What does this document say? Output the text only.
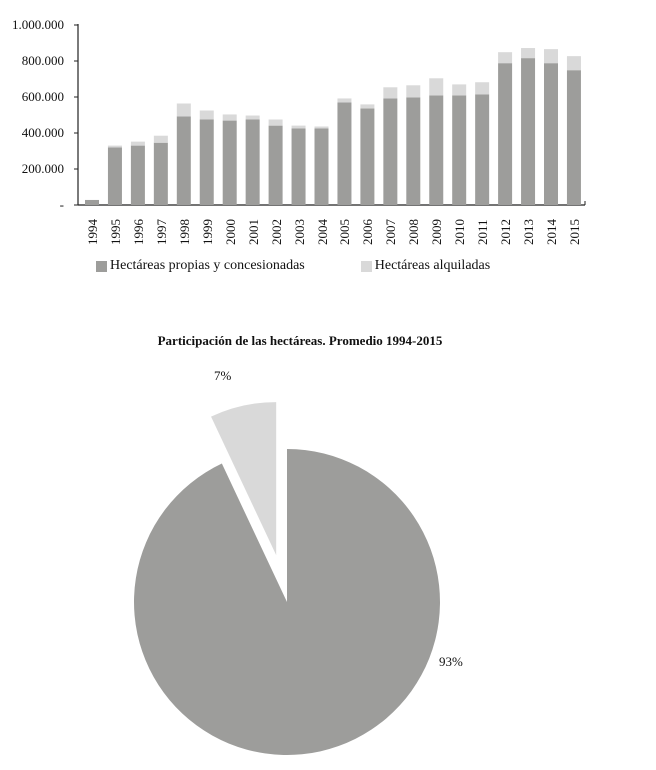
-
200.000
400.000
600.000
800.000
1.000.000
1994 1995 1996 1997 1998 1999 2000 2001 2002 2003 2004 2005 2006 2007 2008 2009 2010 2011 2012 2013 2014 2015
Hectáreas propias y concesionadas	Hectáreas alquiladas
Participación de las hectáreas. Promedio 1994-2015
7%
93%
